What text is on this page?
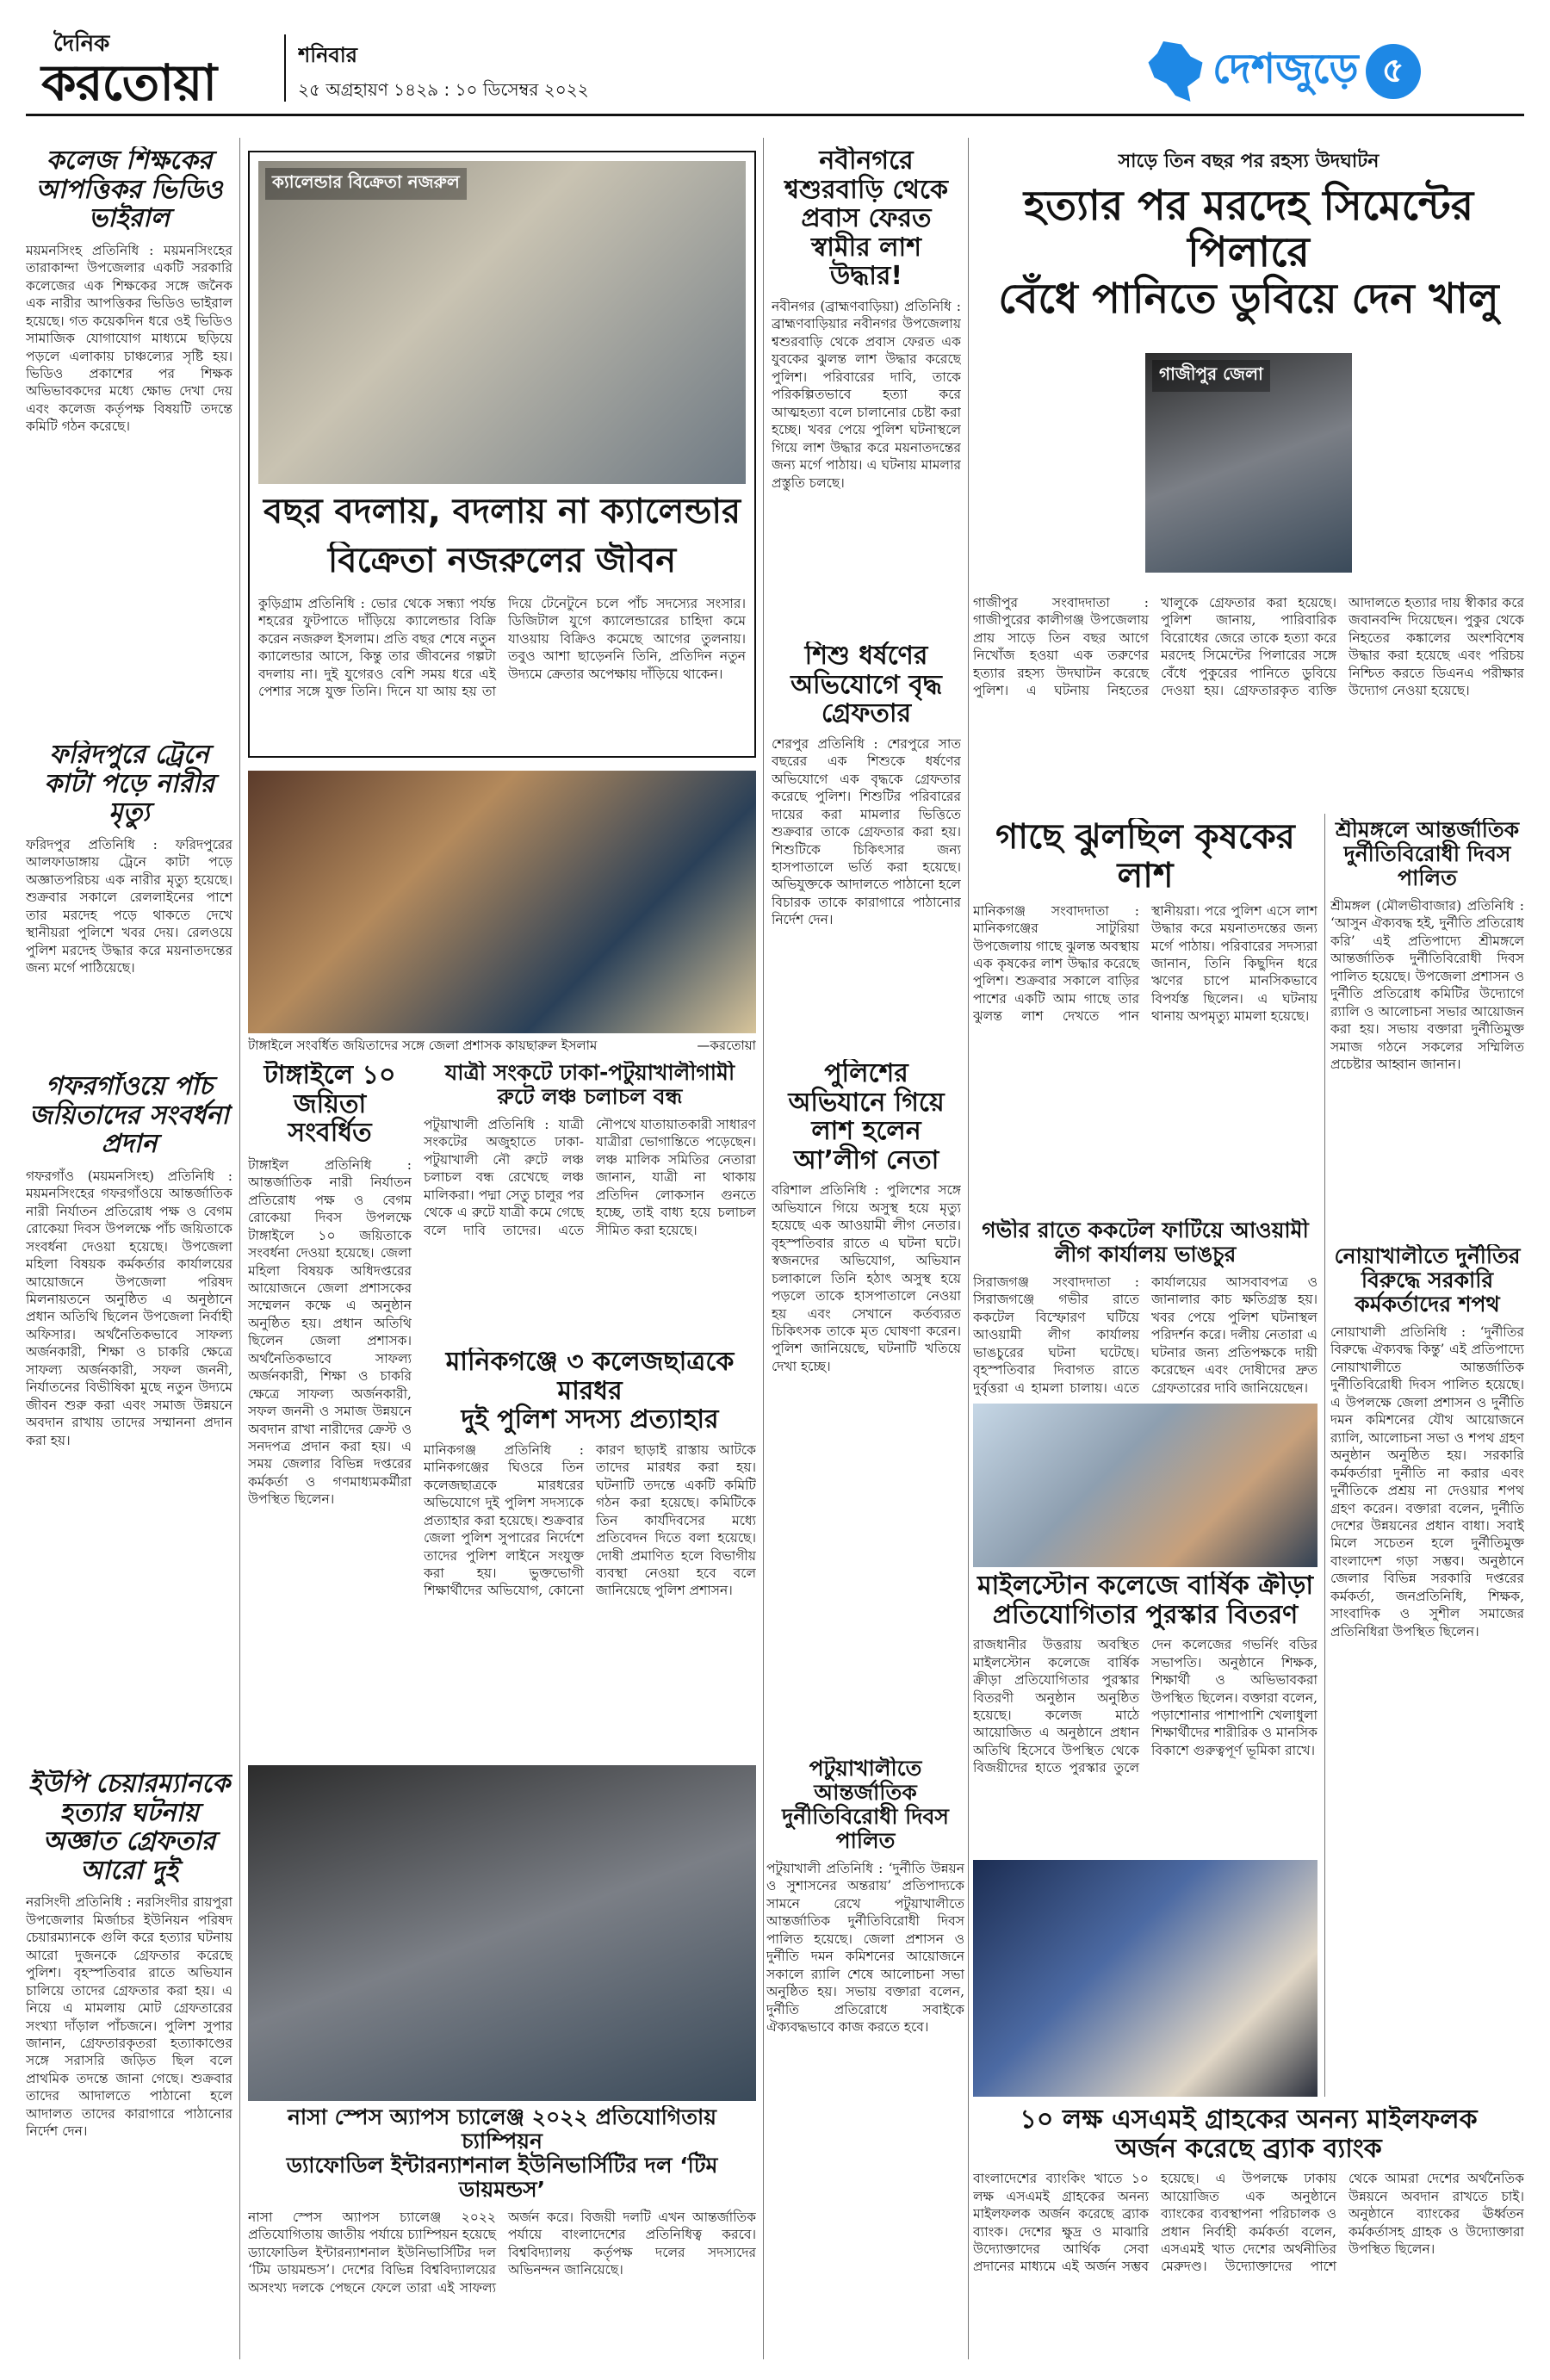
দৈনিক
করতোয়া	শনিবার
২৫ অগ্রহায়ণ ১৪২৯ : ১০ ডিসেম্বর ২০২২	দেশজুড়ে ৫
কলেজ শিক্ষকের আপত্তিকর ভিডিও ভাইরাল
ময়মনসিংহ প্রতিনিধি : ময়মনসিংহের তারাকান্দা উপজেলার একটি সরকারি কলেজের এক শিক্ষকের সঙ্গে জনৈক এক নারীর আপত্তিকর ভিডিও ভাইরাল হয়েছে। গত কয়েকদিন ধরে ওই ভিডিও সামাজিক যোগাযোগ মাধ্যমে ছড়িয়ে পড়লে এলাকায় চাঞ্চল্যের সৃষ্টি হয়। ভিডিও প্রকাশের পর শিক্ষক অভিভাবকদের মধ্যে ক্ষোভ দেখা দেয় এবং কলেজ কর্তৃপক্ষ বিষয়টি তদন্তে কমিটি গঠন করেছে।
ফরিদপুরে ট্রেনে কাটা পড়ে নারীর মৃত্যু
ফরিদপুর প্রতিনিধি : ফরিদপুরের আলফাডাঙ্গায় ট্রেনে কাটা পড়ে অজ্ঞাতপরিচয় এক নারীর মৃত্যু হয়েছে। শুক্রবার সকালে রেললাইনের পাশে তার মরদেহ পড়ে থাকতে দেখে স্থানীয়রা পুলিশে খবর দেয়। রেলওয়ে পুলিশ মরদেহ উদ্ধার করে ময়নাতদন্তের জন্য মর্গে পাঠিয়েছে।
গফরগাঁওয়ে পাঁচ জয়িতাদের সংবর্ধনা প্রদান
গফরগাঁও (ময়মনসিংহ) প্রতিনিধি : ময়মনসিংহের গফরগাঁওয়ে আন্তর্জাতিক নারী নির্যাতন প্রতিরোধ পক্ষ ও বেগম রোকেয়া দিবস উপলক্ষে পাঁচ জয়িতাকে সংবর্ধনা দেওয়া হয়েছে। উপজেলা মহিলা বিষয়ক কর্মকর্তার কার্যালয়ের আয়োজনে উপজেলা পরিষদ মিলনায়তনে অনুষ্ঠিত এ অনুষ্ঠানে প্রধান অতিথি ছিলেন উপজেলা নির্বাহী অফিসার। অর্থনৈতিকভাবে সাফল্য অর্জনকারী, শিক্ষা ও চাকরি ক্ষেত্রে সাফল্য অর্জনকারী, সফল জননী, নির্যাতনের বিভীষিকা মুছে নতুন উদ্যমে জীবন শুরু করা এবং সমাজ উন্নয়নে অবদান রাখায় তাদের সম্মাননা প্রদান করা হয়।
ইউপি চেয়ারম্যানকে হত্যার ঘটনায় অজ্ঞাত গ্রেফতার আরো দুই
নরসিংদী প্রতিনিধি : নরসিংদীর রায়পুরা উপজেলার মির্জাচর ইউনিয়ন পরিষদ চেয়ারম্যানকে গুলি করে হত্যার ঘটনায় আরো দুজনকে গ্রেফতার করেছে পুলিশ। বৃহস্পতিবার রাতে অভিযান চালিয়ে তাদের গ্রেফতার করা হয়। এ নিয়ে এ মামলায় মোট গ্রেফতারের সংখ্যা দাঁড়াল পাঁচজনে। পুলিশ সুপার জানান, গ্রেফতারকৃতরা হত্যাকাণ্ডের সঙ্গে সরাসরি জড়িত ছিল বলে প্রাথমিক তদন্তে জানা গেছে। শুক্রবার তাদের আদালতে পাঠানো হলে আদালত তাদের কারাগারে পাঠানোর নির্দেশ দেন।
ক্যালেন্ডার বিক্রেতা নজরুল
বছর বদলায়, বদলায় না ক্যালেন্ডার
বিক্রেতা নজরুলের জীবন
কুড়িগ্রাম প্রতিনিধি : ভোর থেকে সন্ধ্যা পর্যন্ত শহরের ফুটপাতে দাঁড়িয়ে ক্যালেন্ডার বিক্রি করেন নজরুল ইসলাম। প্রতি বছর শেষে নতুন ক্যালেন্ডার আসে, কিন্তু তার জীবনের গল্পটা বদলায় না। দুই যুগেরও বেশি সময় ধরে এই পেশার সঙ্গে যুক্ত তিনি। দিনে যা আয় হয় তা দিয়ে টেনেটুনে চলে পাঁচ সদস্যের সংসার। ডিজিটাল যুগে ক্যালেন্ডারের চাহিদা কমে যাওয়ায় বিক্রিও কমেছে আগের তুলনায়। তবুও আশা ছাড়েননি তিনি, প্রতিদিন নতুন উদ্যমে ক্রেতার অপেক্ষায় দাঁড়িয়ে থাকেন।
টাঙ্গাইলে সংবর্ধিত জয়িতাদের সঙ্গে জেলা প্রশাসক কায়ছারুল ইসলাম	—করতোয়া
টাঙ্গাইলে ১০ জয়িতা সংবর্ধিত
টাঙ্গাইল প্রতিনিধি : আন্তর্জাতিক নারী নির্যাতন প্রতিরোধ পক্ষ ও বেগম রোকেয়া দিবস উপলক্ষে টাঙ্গাইলে ১০ জয়িতাকে সংবর্ধনা দেওয়া হয়েছে। জেলা মহিলা বিষয়ক অধিদপ্তরের আয়োজনে জেলা প্রশাসকের সম্মেলন কক্ষে এ অনুষ্ঠান অনুষ্ঠিত হয়। প্রধান অতিথি ছিলেন জেলা প্রশাসক। অর্থনৈতিকভাবে সাফল্য অর্জনকারী, শিক্ষা ও চাকরি ক্ষেত্রে সাফল্য অর্জনকারী, সফল জননী ও সমাজ উন্নয়নে অবদান রাখা নারীদের ক্রেস্ট ও সনদপত্র প্রদান করা হয়। এ সময় জেলার বিভিন্ন দপ্তরের কর্মকর্তা ও গণমাধ্যমকর্মীরা উপস্থিত ছিলেন।
যাত্রী সংকটে ঢাকা-পটুয়াখালীগামী রুটে লঞ্চ চলাচল বন্ধ
পটুয়াখালী প্রতিনিধি : যাত্রী সংকটের অজুহাতে ঢাকা-পটুয়াখালী নৌ রুটে লঞ্চ চলাচল বন্ধ রেখেছে লঞ্চ মালিকরা। পদ্মা সেতু চালুর পর থেকে এ রুটে যাত্রী কমে গেছে বলে দাবি তাদের। এতে নৌপথে যাতায়াতকারী সাধারণ যাত্রীরা ভোগান্তিতে পড়েছেন। লঞ্চ মালিক সমিতির নেতারা জানান, যাত্রী না থাকায় প্রতিদিন লোকসান গুনতে হচ্ছে, তাই বাধ্য হয়ে চলাচল সীমিত করা হয়েছে।
মানিকগঞ্জে ৩ কলেজছাত্রকে মারধর
দুই পুলিশ সদস্য প্রত্যাহার
মানিকগঞ্জ প্রতিনিধি : মানিকগঞ্জের ঘিওরে তিন কলেজছাত্রকে মারধরের অভিযোগে দুই পুলিশ সদস্যকে প্রত্যাহার করা হয়েছে। শুক্রবার জেলা পুলিশ সুপারের নির্দেশে তাদের পুলিশ লাইনে সংযুক্ত করা হয়। ভুক্তভোগী শিক্ষার্থীদের অভিযোগ, কোনো কারণ ছাড়াই রাস্তায় আটকে তাদের মারধর করা হয়। ঘটনাটি তদন্তে একটি কমিটি গঠন করা হয়েছে। কমিটিকে তিন কার্যদিবসের মধ্যে প্রতিবেদন দিতে বলা হয়েছে। দোষী প্রমাণিত হলে বিভাগীয় ব্যবস্থা নেওয়া হবে বলে জানিয়েছে পুলিশ প্রশাসন।
নাসা স্পেস অ্যাপস চ্যালেঞ্জ ২০২২ প্রতিযোগিতায় চ্যাম্পিয়ন
ড্যাফোডিল ইন্টারন্যাশনাল ইউনিভার্সিটির দল ‘টিম ডায়মন্ডস’
নাসা স্পেস অ্যাপস চ্যালেঞ্জ ২০২২ প্রতিযোগিতায় জাতীয় পর্যায়ে চ্যাম্পিয়ন হয়েছে ড্যাফোডিল ইন্টারন্যাশনাল ইউনিভার্সিটির দল ‘টিম ডায়মন্ডস’। দেশের বিভিন্ন বিশ্ববিদ্যালয়ের অসংখ্য দলকে পেছনে ফেলে তারা এই সাফল্য অর্জন করে। বিজয়ী দলটি এখন আন্তর্জাতিক পর্যায়ে বাংলাদেশের প্রতিনিধিত্ব করবে। বিশ্ববিদ্যালয় কর্তৃপক্ষ দলের সদস্যদের অভিনন্দন জানিয়েছে।
পটুয়াখালীতে আন্তর্জাতিক দুর্নীতিবিরোধী দিবস পালিত
পটুয়াখালী প্রতিনিধি : ‘দুর্নীতি উন্নয়ন ও সুশাসনের অন্তরায়’ প্রতিপাদ্যকে সামনে রেখে পটুয়াখালীতে আন্তর্জাতিক দুর্নীতিবিরোধী দিবস পালিত হয়েছে। জেলা প্রশাসন ও দুর্নীতি দমন কমিশনের আয়োজনে সকালে র‍্যালি শেষে আলোচনা সভা অনুষ্ঠিত হয়। সভায় বক্তারা বলেন, দুর্নীতি প্রতিরোধে সবাইকে ঐক্যবদ্ধভাবে কাজ করতে হবে।
নবীনগরে শ্বশুরবাড়ি থেকে প্রবাস ফেরত স্বামীর লাশ উদ্ধার!
নবীনগর (ব্রাহ্মণবাড়িয়া) প্রতিনিধি : ব্রাহ্মণবাড়িয়ার নবীনগর উপজেলায় শ্বশুরবাড়ি থেকে প্রবাস ফেরত এক যুবকের ঝুলন্ত লাশ উদ্ধার করেছে পুলিশ। পরিবারের দাবি, তাকে পরিকল্পিতভাবে হত্যা করে আত্মহত্যা বলে চালানোর চেষ্টা করা হচ্ছে। খবর পেয়ে পুলিশ ঘটনাস্থলে গিয়ে লাশ উদ্ধার করে ময়নাতদন্তের জন্য মর্গে পাঠায়। এ ঘটনায় মামলার প্রস্তুতি চলছে।
শিশু ধর্ষণের অভিযোগে বৃদ্ধ গ্রেফতার
শেরপুর প্রতিনিধি : শেরপুরে সাত বছরের এক শিশুকে ধর্ষণের অভিযোগে এক বৃদ্ধকে গ্রেফতার করেছে পুলিশ। শিশুটির পরিবারের দায়ের করা মামলার ভিত্তিতে শুক্রবার তাকে গ্রেফতার করা হয়। শিশুটিকে চিকিৎসার জন্য হাসপাতালে ভর্তি করা হয়েছে। অভিযুক্তকে আদালতে পাঠানো হলে বিচারক তাকে কারাগারে পাঠানোর নির্দেশ দেন।
পুলিশের অভিযানে গিয়ে লাশ হলেন আ’লীগ নেতা
বরিশাল প্রতিনিধি : পুলিশের সঙ্গে অভিযানে গিয়ে অসুস্থ হয়ে মৃত্যু হয়েছে এক আওয়ামী লীগ নেতার। বৃহস্পতিবার রাতে এ ঘটনা ঘটে। স্বজনদের অভিযোগ, অভিযান চলাকালে তিনি হঠাৎ অসুস্থ হয়ে পড়লে তাকে হাসপাতালে নেওয়া হয় এবং সেখানে কর্তব্যরত চিকিৎসক তাকে মৃত ঘোষণা করেন। পুলিশ জানিয়েছে, ঘটনাটি খতিয়ে দেখা হচ্ছে।
সাড়ে তিন বছর পর রহস্য উদঘাটন
হত্যার পর মরদেহ সিমেন্টের পিলারে
বেঁধে পানিতে ডুবিয়ে দেন খালু
গাজীপুর জেলা
গাজীপুর সংবাদদাতা : গাজীপুরের কালীগঞ্জ উপজেলায় প্রায় সাড়ে তিন বছর আগে নিখোঁজ হওয়া এক তরুণের হত্যার রহস্য উদঘাটন করেছে পুলিশ। এ ঘটনায় নিহতের খালুকে গ্রেফতার করা হয়েছে। পুলিশ জানায়, পারিবারিক বিরোধের জেরে তাকে হত্যা করে মরদেহ সিমেন্টের পিলারের সঙ্গে বেঁধে পুকুরের পানিতে ডুবিয়ে দেওয়া হয়। গ্রেফতারকৃত ব্যক্তি আদালতে হত্যার দায় স্বীকার করে জবানবন্দি দিয়েছেন। পুকুর থেকে নিহতের কঙ্কালের অংশবিশেষ উদ্ধার করা হয়েছে এবং পরিচয় নিশ্চিত করতে ডিএনএ পরীক্ষার উদ্যোগ নেওয়া হয়েছে।
গাছে ঝুলছিল কৃষকের লাশ
মানিকগঞ্জ সংবাদদাতা : মানিকগঞ্জের সাটুরিয়া উপজেলায় গাছে ঝুলন্ত অবস্থায় এক কৃষকের লাশ উদ্ধার করেছে পুলিশ। শুক্রবার সকালে বাড়ির পাশের একটি আম গাছে তার ঝুলন্ত লাশ দেখতে পান স্থানীয়রা। পরে পুলিশ এসে লাশ উদ্ধার করে ময়নাতদন্তের জন্য মর্গে পাঠায়। পরিবারের সদস্যরা জানান, তিনি কিছুদিন ধরে ঋণের চাপে মানসিকভাবে বিপর্যস্ত ছিলেন। এ ঘটনায় থানায় অপমৃত্যু মামলা হয়েছে।
গভীর রাতে ককটেল ফাটিয়ে আওয়ামী লীগ কার্যালয় ভাঙচুর
সিরাজগঞ্জ সংবাদদাতা : সিরাজগঞ্জে গভীর রাতে ককটেল বিস্ফোরণ ঘটিয়ে আওয়ামী লীগ কার্যালয় ভাঙচুরের ঘটনা ঘটেছে। বৃহস্পতিবার দিবাগত রাতে দুর্বৃত্তরা এ হামলা চালায়। এতে কার্যালয়ের আসবাবপত্র ও জানালার কাচ ক্ষতিগ্রস্ত হয়। খবর পেয়ে পুলিশ ঘটনাস্থল পরিদর্শন করে। দলীয় নেতারা এ ঘটনার জন্য প্রতিপক্ষকে দায়ী করেছেন এবং দোষীদের দ্রুত গ্রেফতারের দাবি জানিয়েছেন।
মাইলস্টোন কলেজে বার্ষিক ক্রীড়া
প্রতিযোগিতার পুরস্কার বিতরণ
রাজধানীর উত্তরায় অবস্থিত মাইলস্টোন কলেজে বার্ষিক ক্রীড়া প্রতিযোগিতার পুরস্কার বিতরণী অনুষ্ঠান অনুষ্ঠিত হয়েছে। কলেজ মাঠে আয়োজিত এ অনুষ্ঠানে প্রধান অতিথি হিসেবে উপস্থিত থেকে বিজয়ীদের হাতে পুরস্কার তুলে দেন কলেজের গভর্নিং বডির সভাপতি। অনুষ্ঠানে শিক্ষক, শিক্ষার্থী ও অভিভাবকরা উপস্থিত ছিলেন। বক্তারা বলেন, পড়াশোনার পাশাপাশি খেলাধুলা শিক্ষার্থীদের শারীরিক ও মানসিক বিকাশে গুরুত্বপূর্ণ ভূমিকা রাখে।
১০ লক্ষ এসএমই গ্রাহকের অনন্য মাইলফলক
অর্জন করেছে ব্র্যাক ব্যাংক
বাংলাদেশের ব্যাংকিং খাতে ১০ লক্ষ এসএমই গ্রাহকের অনন্য মাইলফলক অর্জন করেছে ব্র্যাক ব্যাংক। দেশের ক্ষুদ্র ও মাঝারি উদ্যোক্তাদের আর্থিক সেবা প্রদানের মাধ্যমে এই অর্জন সম্ভব হয়েছে। এ উপলক্ষে ঢাকায় আয়োজিত এক অনুষ্ঠানে ব্যাংকের ব্যবস্থাপনা পরিচালক ও প্রধান নির্বাহী কর্মকর্তা বলেন, এসএমই খাত দেশের অর্থনীতির মেরুদণ্ড। উদ্যোক্তাদের পাশে থেকে আমরা দেশের অর্থনৈতিক উন্নয়নে অবদান রাখতে চাই। অনুষ্ঠানে ব্যাংকের ঊর্ধ্বতন কর্মকর্তাসহ গ্রাহক ও উদ্যোক্তারা উপস্থিত ছিলেন।
শ্রীমঙ্গলে আন্তর্জাতিক দুর্নীতিবিরোধী দিবস পালিত
শ্রীমঙ্গল (মৌলভীবাজার) প্রতিনিধি : ‘আসুন ঐক্যবদ্ধ হই, দুর্নীতি প্রতিরোধ করি’ এই প্রতিপাদ্যে শ্রীমঙ্গলে আন্তর্জাতিক দুর্নীতিবিরোধী দিবস পালিত হয়েছে। উপজেলা প্রশাসন ও দুর্নীতি প্রতিরোধ কমিটির উদ্যোগে র‍্যালি ও আলোচনা সভার আয়োজন করা হয়। সভায় বক্তারা দুর্নীতিমুক্ত সমাজ গঠনে সকলের সম্মিলিত প্রচেষ্টার আহ্বান জানান।
নোয়াখালীতে দুর্নীতির বিরুদ্ধে সরকারি কর্মকর্তাদের শপথ
নোয়াখালী প্রতিনিধি : ‘দুর্নীতির বিরুদ্ধে ঐক্যবদ্ধ কিন্তু’ এই প্রতিপাদ্যে নোয়াখালীতে আন্তর্জাতিক দুর্নীতিবিরোধী দিবস পালিত হয়েছে। এ উপলক্ষে জেলা প্রশাসন ও দুর্নীতি দমন কমিশনের যৌথ আয়োজনে র‍্যালি, আলোচনা সভা ও শপথ গ্রহণ অনুষ্ঠান অনুষ্ঠিত হয়। সরকারি কর্মকর্তারা দুর্নীতি না করার এবং দুর্নীতিকে প্রশ্রয় না দেওয়ার শপথ গ্রহণ করেন। বক্তারা বলেন, দুর্নীতি দেশের উন্নয়নের প্রধান বাধা। সবাই মিলে সচেতন হলে দুর্নীতিমুক্ত বাংলাদেশ গড়া সম্ভব। অনুষ্ঠানে জেলার বিভিন্ন সরকারি দপ্তরের কর্মকর্তা, জনপ্রতিনিধি, শিক্ষক, সাংবাদিক ও সুশীল সমাজের প্রতিনিধিরা উপস্থিত ছিলেন।
